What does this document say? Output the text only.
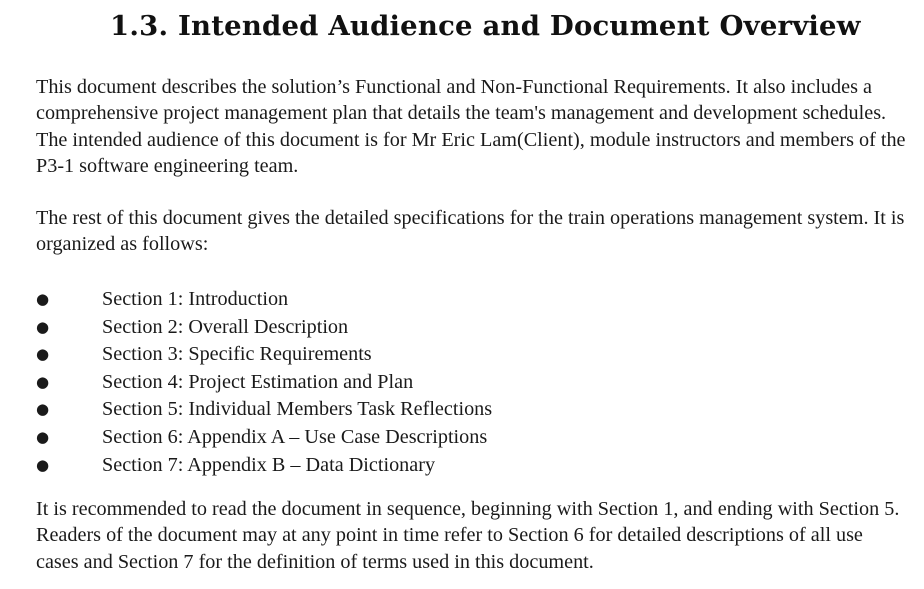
1.3. Intended Audience and Document Overview

This document describes the solution’s Functional and Non-Functional Requirements. It also includes a comprehensive project management plan that details the team's management and development schedules. The intended audience of this document is for Mr Eric Lam(Client), module instructors and members of the P3-1 software engineering team.

The rest of this document gives the detailed specifications for the train operations management system. It is organized as follows:

●	Section 1: Introduction
●	Section 2: Overall Description
●	Section 3: Specific Requirements
●	Section 4: Project Estimation and Plan
●	Section 5: Individual Members Task Reflections
●	Section 6: Appendix A – Use Case Descriptions
●	Section 7: Appendix B – Data Dictionary

It is recommended to read the document in sequence, beginning with Section 1, and ending with Section 5. Readers of the document may at any point in time refer to Section 6 for detailed descriptions of all use cases and Section 7 for the definition of terms used in this document.
